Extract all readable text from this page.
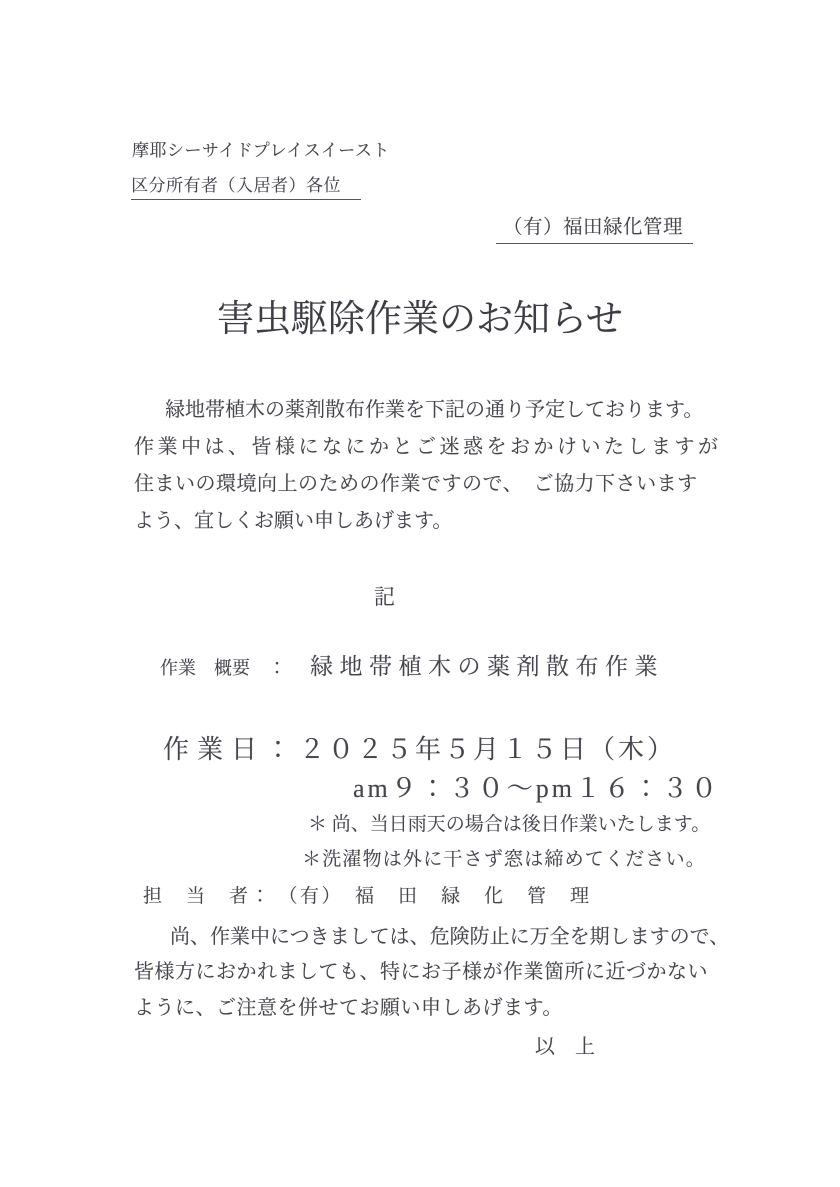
摩耶シーサイドプレイスイースト
区分所有者（入居者）各位
（有）福田緑化管理
害虫駆除作業のお知らせ
緑地帯植木の薬剤散布作業を下記の通り予定しております。
作業中は、皆様になにかとご迷惑をおかけいたしますが
住まいの環境向上のための作業ですので、　ご協力下さいます
よう、宜しくお願い申しあげます。
記
作業　概要　： 緑地帯植木の薬剤散布作業
作業日：２０２５年５月１５日（木）
am９：３０～pm１６：３０
＊ 尚、当日雨天の場合は後日作業いたします。
＊洗濯物は外に干さず窓は締めてください。
担　当　者： （有）　福　田　緑　化　管　理
尚、作業中につきましては、危険防止に万全を期しますので、
皆様方におかれましても、特にお子様が作業箇所に近づかない
ように、ご注意を併せてお願い申しあげます。
以　上
